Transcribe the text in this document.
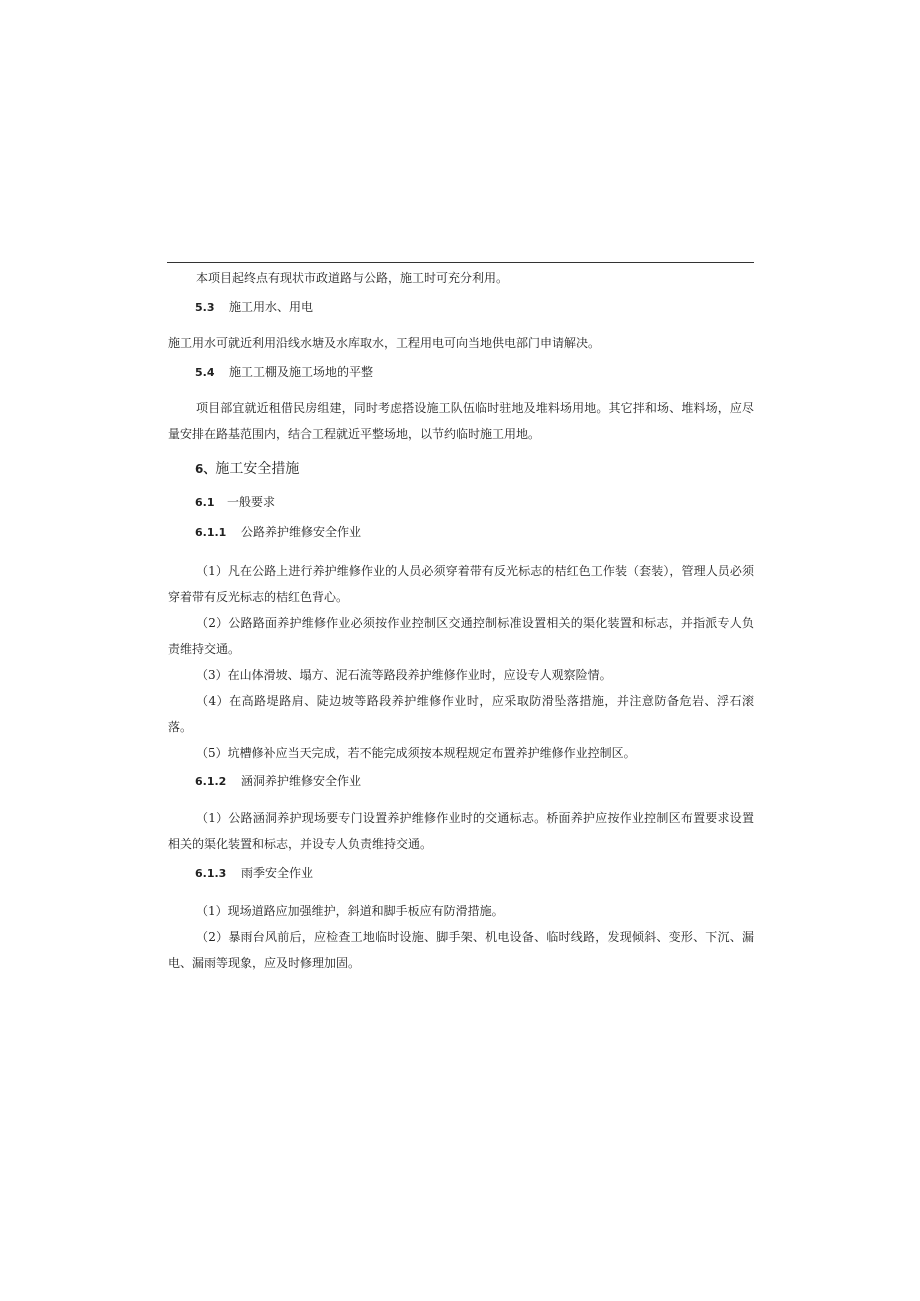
本项目起终点有现状市政道路与公路，施工时可充分利用。

5.3 施工用水、用电

施工用水可就近利用沿线水塘及水库取水，工程用电可向当地供电部门申请解决。

5.4 施工工棚及施工场地的平整

项目部宜就近租借民房组建，同时考虑搭设施工队伍临时驻地及堆料场用地。其它拌和场、堆料场，应尽量安排在路基范围内，结合工程就近平整场地，以节约临时施工用地。

6、施工安全措施
6.1 一般要求
6.1.1 公路养护维修安全作业

（1）凡在公路上进行养护维修作业的人员必须穿着带有反光标志的桔红色工作装（套装），管理人员必须穿着带有反光标志的桔红色背心。

（2）公路路面养护维修作业必须按作业控制区交通控制标准设置相关的渠化装置和标志，并指派专人负责维持交通。

（3）在山体滑坡、塌方、泥石流等路段养护维修作业时，应设专人观察险情。

（4）在高路堤路肩、陡边坡等路段养护维修作业时，应采取防滑坠落措施，并注意防备危岩、浮石滚落。

（5）坑槽修补应当天完成，若不能完成须按本规程规定布置养护维修作业控制区。

6.1.2 涵洞养护维修安全作业

（1）公路涵洞养护现场要专门设置养护维修作业时的交通标志。桥面养护应按作业控制区布置要求设置相关的渠化装置和标志，并设专人负责维持交通。

6.1.3 雨季安全作业

（1）现场道路应加强维护，斜道和脚手板应有防滑措施。

（2）暴雨台风前后，应检查工地临时设施、脚手架、机电设备、临时线路，发现倾斜、变形、下沉、漏电、漏雨等现象，应及时修理加固。
